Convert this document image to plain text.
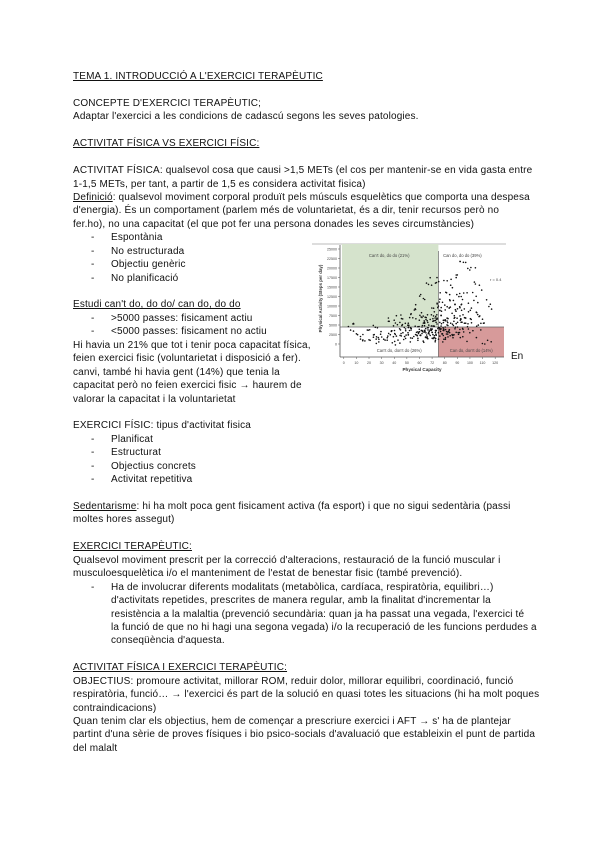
TEMA 1. INTRODUCCIÓ A L'EXERCICI TERAPÈUTIC
CONCEPTE D'EXERCICI TERAPÈUTIC;
Adaptar l'exercici a les condicions de cadascú segons les seves patologies.
ACTIVITAT FÍSICA VS EXERCICI FÍSIC:
ACTIVITAT FÍSICA: qualsevol cosa que causi >1,5 METs (el cos per mantenir-se en vida gasta entre
1-1,5 METs, per tant, a partir de 1,5 es considera activitat fisica)
Definició: qualsevol moviment corporal produït pels músculs esquelètics que comporta una despesa
d'energia). És un comportament (parlem més de voluntarietat, és a dir, tenir recursos però no
fer.ho), no una capacitat (el que pot fer una persona donades les seves circumstàncies)
- Espontània
- No estructurada
- Objectiu genèric
- No planificació
Estudi can't do, do do/ can do, do do
- >5000 passes: fisicament actiu
- <5000 passes: fisicament no actiu
Hi havia un 21% que tot i tenir poca capacitat física,
feien exercici fisic (voluntarietat i disposició a fer).
canvi, també hi havia gent (14%) que tenia la
capacitat però no feien exercici fisic → haurem de
valorar la capacitat i la voluntarietat
EXERCICI FÍSIC: tipus d'activitat fisica
- Planificat
- Estructurat
- Objectius concrets
- Activitat repetitiva
Sedentarisme: hi ha molt poca gent fisicament activa (fa esport) i que no sigui sedentària (passi
moltes hores assegut)
EXERCICI TERAPÈUTIC:
Qualsevol moviment prescrit per la correcció d'alteracions, restauració de la funció muscular i
musculoesquelètica i/o el manteniment de l'estat de benestar fisic (també prevenció).
- Ha de involucrar diferents modalitats (metabòlica, cardíaca, respiratòria, equilibri…)
d'activitats repetides, prescrites de manera regular, amb la finalitat d'incrementar la
resistència a la malaltia (prevenció secundària: quan ja ha passat una vegada, l'exercici té
la funció de que no hi hagi una segona vegada) i/o la recuperació de les funcions perdudes a
conseqüència d'aquesta.
ACTIVITAT FÍSICA I EXERCICI TERAPÈUTIC:
OBJECTIUS: promoure activitat, millorar ROM, reduir dolor, millorar equilibri, coordinació, funció
respiratòria, funció… → l'exercici és part de la solució en quasi totes les situacions (hi ha molt poques
contraindicacions)
Quan tenim clar els objectius, hem de començar a prescriure exercici i AFT → s' ha de plantejar
partint d'una sèrie de proves físiques i bio psico-socials d'avaluació que estableixin el punt de partida
del malalt
0
2500
5000
7500
10000
12500
15000
17500
20000
22500
25000
0	10 20 30 40 50 60 72 80 90 100 110 120
Can't do, do do (21%)	Can do, do do (39%)
Can't do, don't do (26%)	Can do, don't do (14%)
r = 0.4
Physical Capacity
Physical Activity (Steps per day)
En
